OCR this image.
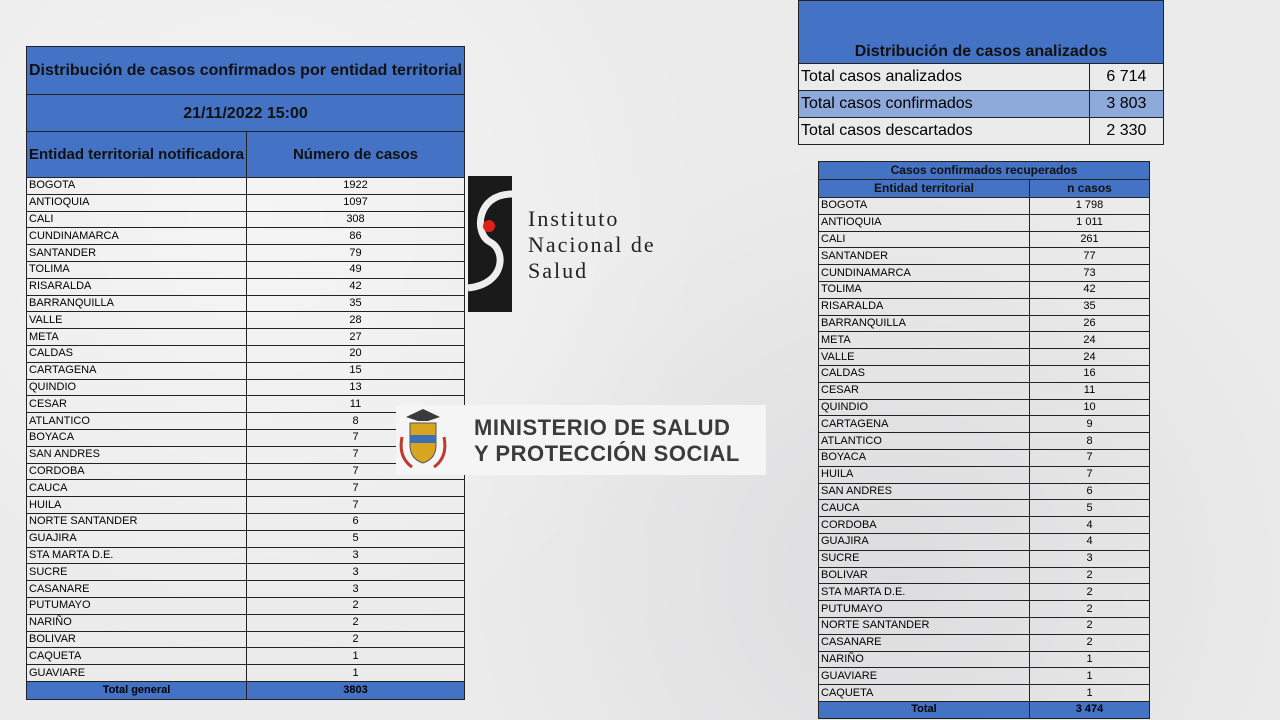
Distribución de casos confirmados por entidad territorial	
21/11/2022 15:00	
Entidad territorial notificadora	Número de casos
BOGOTA	1922
ANTIOQUIA	1097
CALI	308
CUNDINAMARCA	86
SANTANDER	79
TOLIMA	49
RISARALDA	42
BARRANQUILLA	35
VALLE	28
META	27
CALDAS	20
CARTAGENA	15
QUINDIO	13
CESAR	11
ATLANTICO	8
BOYACA	7
SAN ANDRES	7
CORDOBA	7
CAUCA	7
HUILA	7
NORTE SANTANDER	6
GUAJIRA	5
STA MARTA D.E.	3
SUCRE	3
CASANARE	3
PUTUMAYO	2
NARIÑO	2
BOLIVAR	2
CAQUETA	1
GUAVIARE	1
Total general	3803
Distribución de casos analizados	
Total casos analizados	6 714
Total casos confirmados	3 803
Total casos descartados	2 330
Casos confirmados recuperados	
Entidad territorial	n casos
BOGOTA	1 798
ANTIOQUIA	1 011
CALI	261
SANTANDER	77
CUNDINAMARCA	73
TOLIMA	42
RISARALDA	35
BARRANQUILLA	26
META	24
VALLE	24
CALDAS	16
CESAR	11
QUINDIO	10
CARTAGENA	9
ATLANTICO	8
BOYACA	7
HUILA	7
SAN ANDRES	6
CAUCA	5
CORDOBA	4
GUAJIRA	4
SUCRE	3
BOLIVAR	2
STA MARTA D.E.	2
PUTUMAYO	2
NORTE SANTANDER	2
CASANARE	2
NARIÑO	1
GUAVIARE	1
CAQUETA	1
Total	3 474
Instituto
Nacional de
Salud
MINISTERIO DE SALUD
Y PROTECCIÓN SOCIAL
